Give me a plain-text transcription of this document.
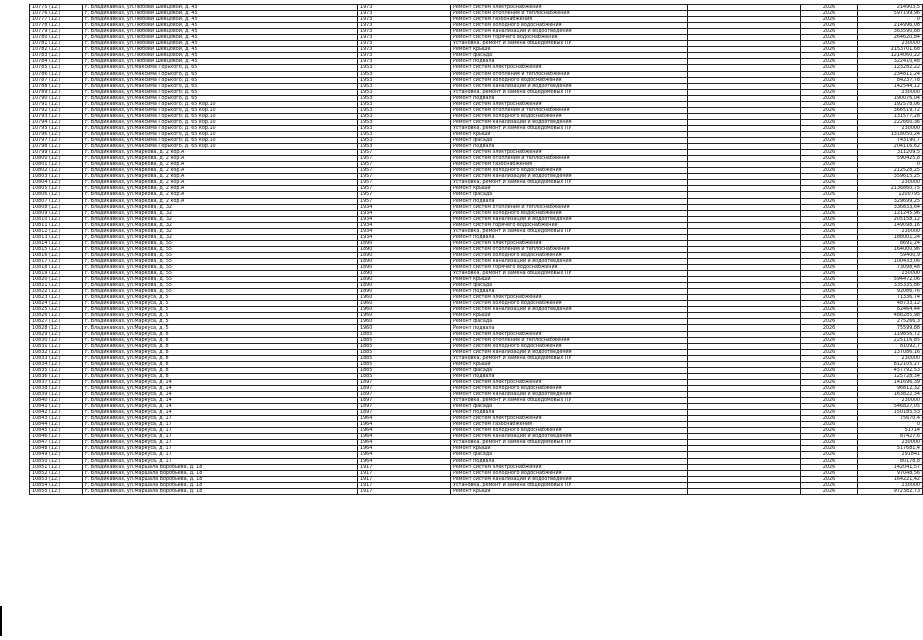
10775 (12.)	г. Владикавказ, ул.Любови Шевцовой, д. 45	1973	Ремонт систем электроснабжения		2026	214903,5
10776 (12.)	г. Владикавказ, ул.Любови Шевцовой, д. 45	1973	Ремонт систем отопления и теплоснабжения		2026	597199,96
10777 (12.)	г. Владикавказ, ул.Любови Шевцовой, д. 45	1973	Ремонт систем газоснабжения		2026	0
10778 (12.)	г. Владикавказ, ул.Любови Шевцовой, д. 45	1973	Ремонт систем холодного водоснабжения		2026	214996,08
10779 (12.)	г. Владикавказ, ул.Любови Шевцовой, д. 45	1973	Ремонт систем канализации и водоотведения		2026	363590,88
10780 (12.)	г. Владикавказ, ул.Любови Шевцовой, д. 45	1973	Ремонт систем горячего водоснабжения		2026	264620,84
10781 (12.)	г. Владикавказ, ул.Любови Шевцовой, д. 45	1973	Установка, ремонт и замена общедомовых ПУ		2026	230000
10782 (12.)	г. Владикавказ, ул.Любови Шевцовой, д. 45	1973	Ремонт крыши		2026	2153701,68
10783 (12.)	г. Владикавказ, ул.Любови Шевцовой, д. 45	1973	Ремонт фасада		2026	1214060,22
10784 (12.)	г. Владикавказ, ул.Любови Шевцовой, д. 45	1973	Ремонт подвала		2026	322410,48
10785 (12.)	г. Владикавказ, ул.Максима Горького, д. 65	1953	Ремонт систем электроснабжения		2026	123282,22
10786 (12.)	г. Владикавказ, ул.Максима Горького, д. 65	1953	Ремонт систем отопления и теплоснабжения		2026	234811,24
10787 (12.)	г. Владикавказ, ул.Максима Горького, д. 65	1953	Ремонт систем холодного водоснабжения		2026	84237,78
10788 (12.)	г. Владикавказ, ул.Максима Горького, д. 65	1953	Ремонт систем канализации и водоотведения		2026	142544,12
10789 (12.)	г. Владикавказ, ул.Максима Горького, д. 65	1953	Установка, ремонт и замена общедомовых ПУ		2026	230000
10790 (12.)	г. Владикавказ, ул.Максима Горького, д. 65	1953	Ремонт подвала		2026	190076,04
10791 (12.)	г. Владикавказ, ул.Максима Горького, д. 65 кор.10	1953	Ремонт систем электроснабжения		2026	192578,06
10792 (12.)	г. Владикавказ, ул.Максима Горького, д. 65 кор.10	1953	Ремонт систем отопления и теплоснабжения		2026	366519,72
10793 (12.)	г. Владикавказ, ул.Максима Горького, д. 65 кор.10	1953	Ремонт систем холодного водоснабжения		2026	131577,28
10794 (12.)	г. Владикавказ, ул.Максима Горького, д. 65 кор.10	1953	Ремонт систем канализации и водоотведения		2026	222660,36
10795 (12.)	г. Владикавказ, ул.Максима Горького, д. 65 кор.10	1953	Установка, ремонт и замена общедомовых ПУ		2026	230000
10796 (12.)	г. Владикавказ, ул.Максима Горького, д. 65 кор.10	1953	Ремонт крыши		2026	1318050,24
10797 (12.)	г. Владикавказ, ул.Максима Горького, д. 65 кор.10	1953	Ремонт фасада		2026	743190,7
10798 (12.)	г. Владикавказ, ул.Максима Горького, д. 65 кор.10	1953	Ремонт подвала		2026	204116,62
10799 (12.)	г. Владикавказ, ул.Маркова, д. 2 кор.А	1957	Ремонт систем электроснабжения		2026	311209,5
10800 (12.)	г. Владикавказ, ул.Маркова, д. 2 кор.А	1957	Ремонт систем отопления и теплоснабжения		2026	590425,8
10801 (12.)	г. Владикавказ, ул.Маркова, д. 2 кор.А	1957	Ремонт систем газоснабжения		2026	0
10802 (12.)	г. Владикавказ, ул.Маркова, д. 2 кор.А	1957	Ремонт систем холодного водоснабжения		2026	212528,25
10803 (12.)	г. Владикавказ, ул.Маркова, д. 2 кор.А	1957	Ремонт систем канализации и водоотведения		2026	359615,25
10804 (12.)	г. Владикавказ, ул.Маркова, д. 2 кор.А	1957	Установка, ремонт и замена общедомовых ПУ		2026	230000
10805 (12.)	г. Владикавказ, ул.Маркова, д. 2 кор.А	1957	Ремонт крыши		2026	2136860,75
10806 (12.)	г. Владикавказ, ул.Маркова, д. 2 кор.А	1957	Ремонт фасада		2026	1200795
10807 (12.)	г. Владикавказ, ул.Маркова, д. 2 кор.А	1957	Ремонт подвала		2026	329699,25
10808 (12.)	г. Владикавказ, ул.Маркова, д. 32	1934	Ремонт систем отопления и теплоснабжения		2026	336833,64
10809 (12.)	г. Владикавказ, ул.Маркова, д. 32	1934	Ремонт систем холодного водоснабжения		2026	121245,96
10810 (12.)	г. Владикавказ, ул.Маркова, д. 32	1934	Ремонт систем канализации и водоотведения		2026	205158,12
10811 (12.)	г. Владикавказ, ул.Маркова, д. 32	1934	Ремонт систем горячего водоснабжения		2026	149098,16
10812 (12.)	г. Владикавказ, ул.Маркова, д. 32	1934	Установка, ремонт и замена общедомовых ПУ		2026	230000
10813 (12.)	г. Владикавказ, ул.Маркова, д. 32	1934	Ремонт подвала		2026	188001,24
10814 (12.)	г. Владикавказ, ул.Маркова, д. 55	1890	Ремонт систем электроснабжения		2026	8691,24
10815 (12.)	г. Владикавказ, ул.Маркова, д. 55	1890	Ремонт систем отопления и теплоснабжения		2026	164000,96
10816 (12.)	г. Владикавказ, ул.Маркова, д. 55	1890	Ремонт систем холодного водоснабжения		2026	59400,9
10817 (12.)	г. Владикавказ, ул.Маркова, д. 55	1890	Ремонт систем канализации и водоотведения		2026	100433,06
10818 (12.)	г. Владикавказ, ул.Маркова, д. 55	1890	Ремонт систем горячего водоснабжения		2026	73098,48
10819 (12.)	г. Владикавказ, ул.Маркова, д. 55	1890	Установка, ремонт и замена общедомовых ПУ		2026	230000
10820 (12.)	г. Владикавказ, ул.Маркова, д. 55	1890	Ремонт крыши		2026	594472,06
10821 (12.)	г. Владикавказ, ул.Маркова, д. 55	1890	Ремонт фасада		2026	335335,86
10822 (12.)	г. Владикавказ, ул.Маркова, д. 55	1890	Ремонт подвала		2026	92086,76
10823 (12.)	г. Владикавказ, ул.Маркуса, д. 5	1960	Ремонт систем электроснабжения		2026	71336,74
10824 (12.)	г. Владикавказ, ул.Маркуса, д. 5	1960	Ремонт систем холодного водоснабжения		2026	48733,12
10825 (12.)	г. Владикавказ, ул.Маркуса, д. 5	1960	Ремонт систем канализации и водоотведения		2026	82464,44
10826 (12.)	г. Владикавказ, ул.Маркуса, д. 5	1960	Ремонт крыши		2026	488285,98
10827 (12.)	г. Владикавказ, ул.Маркуса, д. 5	1960	Ремонт фасада		2026	275266,3
10828 (12.)	г. Владикавказ, ул.Маркуса, д. 5	1960	Ремонт подвала		2026	75599,88
10829 (12.)	г. Владикавказ, ул.Маркуса, д. 8	1885	Ремонт систем электроснабжения		2026	119856,72
10830 (12.)	г. Владикавказ, ул.Маркуса, д. 8	1885	Ремонт систем отопления и теплоснабжения		2026	225116,85
10831 (12.)	г. Владикавказ, ул.Маркуса, д. 8	1885	Ремонт систем холодного водоснабжения		2026	81092,7
10832 (12.)	г. Владикавказ, ул.Маркуса, д. 8	1885	Ремонт систем канализации и водоотведения		2026	137086,16
10833 (12.)	г. Владикавказ, ул.Маркуса, д. 8	1885	Установка, ремонт и замена общедомовых ПУ		2026	230000
10834 (12.)	г. Владикавказ, ул.Маркуса, д. 8	1885	Ремонт крыши		2026	812105,27
10835 (12.)	г. Владикавказ, ул.Маркуса, д. 8	1885	Ремонт фасада		2026	457792,53
10836 (12.)	г. Владикавказ, ул.Маркуса, д. 8	1885	Ремонт подвала		2026	125728,34
10837 (12.)	г. Владикавказ, ул.Маркуса, д. 14	1897	Ремонт систем электроснабжения		2026	141696,39
10838 (12.)	г. Владикавказ, ул.Маркуса, д. 14	1897	Ремонт систем холодного водоснабжения		2026	96812,32
10839 (12.)	г. Владикавказ, ул.Маркуса, д. 14	1897	Ремонт систем канализации и водоотведения		2026	163822,34
10840 (12.)	г. Владикавказ, ул.Маркуса, д. 14	1897	Установка, ремонт и замена общедомовых ПУ		2026	230000
10841 (12.)	г. Владикавказ, ул.Маркуса, д. 14	1897	Ремонт фасада		2026	546827,05
10842 (12.)	г. Владикавказ, ул.Маркуса, д. 14	1897	Ремонт подвала		2026	150185,53
10843 (12.)	г. Владикавказ, ул.Маркуса, д. 17	1964	Ремонт систем электроснабжения		2026	75670,4
10844 (12.)	г. Владикавказ, ул.Маркуса, д. 17	1964	Ремонт систем газоснабжения		2026	0
10845 (12.)	г. Владикавказ, ул.Маркуса, д. 17	1964	Ремонт систем холодного водоснабжения		2026	51714
10846 (12.)	г. Владикавказ, ул.Маркуса, д. 17	1964	Ремонт систем канализации и водоотведения		2026	87427,6
10847 (12.)	г. Владикавказ, ул.Маркуса, д. 17	1964	Установка, ремонт и замена общедомовых ПУ		2026	230000
10848 (12.)	г. Владикавказ, ул.Маркуса, д. 17	1964	Ремонт крыши		2026	517681,4
10849 (12.)	г. Владикавказ, ул.Маркуса, д. 17	1964	Ремонт фасада		2026	291841
10850 (12.)	г. Владикавказ, ул.Маркуса, д. 17	1964	Ремонт подвала		2026	80178,8
10851 (12.)	г. Владикавказ, ул.Маршала Воробьева, д. 18	1917	Ремонт систем электроснабжения		2026	142041,57
10852 (12.)	г. Владикавказ, ул.Маршала Воробьева, д. 18	1917	Ремонт систем холодного водоснабжения		2026	97048,56
10853 (12.)	г. Владикавказ, ул.Маршала Воробьева, д. 18	1917	Ремонт систем канализации и водоотведения		2026	164221,42
10854 (12.)	г. Владикавказ, ул.Маршала Воробьева, д. 18	1917	Установка, ремонт и замена общедомовых ПУ		2026	230000
10855 (12.)	г. Владикавказ, ул.Маршала Воробьева, д. 18	1917	Ремонт крыши		2026	972382,73
